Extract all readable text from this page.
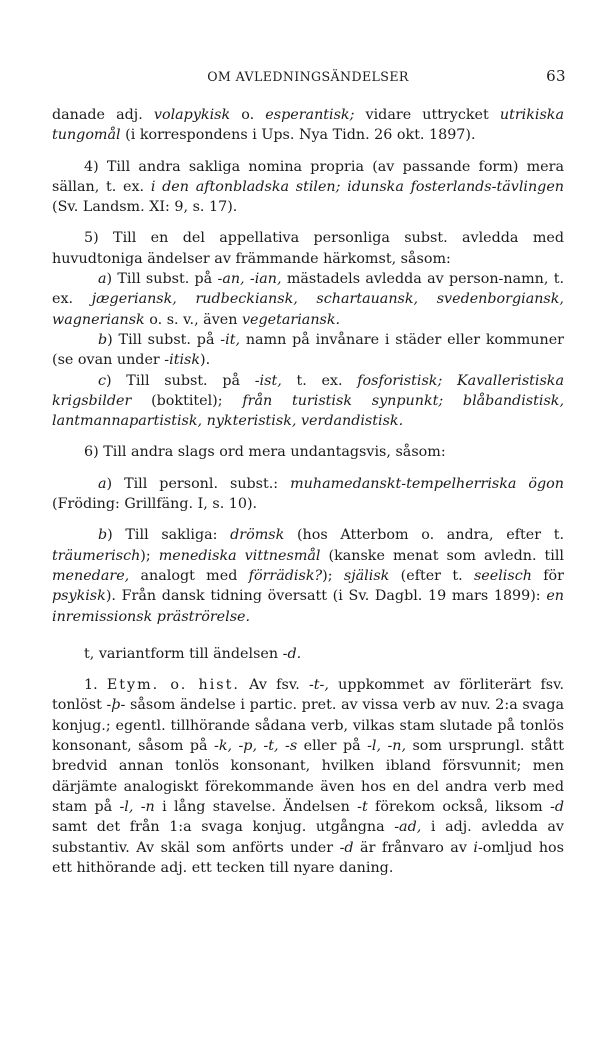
OM AVLEDNINGSÄNDELSER	63

danade adj. volapykisk o. esperantisk; vidare uttrycket utrikiska tungomål (i korrespondens i Ups. Nya Tidn. 26 okt. 1897).

4) Till andra sakliga nomina propria (av passande form) mera sällan, t. ex. i den aftonbladska stilen; idunska fosterlands-tävlingen (Sv. Landsm. XI: 9, s. 17).

5) Till en del appellativa personliga subst. avledda med huvudtoniga ändelser av främmande härkomst, såsom:

a) Till subst. på -an, -ian, mästadels avledda av person-namn, t. ex. jægeriansk, rudbeckiansk, schartauansk, svedenborgiansk, wagneriansk o. s. v., även vegetariansk.

b) Till subst. på -it, namn på invånare i städer eller kommuner (se ovan under -itisk).

c) Till subst. på -ist, t. ex. fosforistisk; Kavalleristiska krigsbilder (boktitel); från turistisk synpunkt; blåbandistisk, lantmannapartistisk, nykteristisk, verdandistisk.

6) Till andra slags ord mera undantagsvis, såsom:

a) Till personl. subst.: muhamedanskt-tempelherriska ögon (Fröding: Grillfäng. I, s. 10).

b) Till sakliga: drömsk (hos Atterbom o. andra, efter t. träumerisch); menediska vittnesmål (kanske menat som avledn. till menedare, analogt med förrädisk?); själisk (efter t. seelisch för psykisk). Från dansk tidning översatt (i Sv. Dagbl. 19 mars 1899): en inremissionsk präströrelse.

t, variantform till ändelsen -d.

1. Etym. o. hist. Av fsv. -t-, uppkommet av förliterärt fsv. tonlöst -þ- såsom ändelse i partic. pret. av vissa verb av nuv. 2:a svaga konjug.; egentl. tillhörande sådana verb, vilkas stam slutade på tonlös konsonant, såsom på -k, -p, -t, -s eller på -l, -n, som ursprungl. stått bredvid annan tonlös konsonant, hvilken ibland försvunnit; men därjämte analogiskt förekommande även hos en del andra verb med stam på -l, -n i lång stavelse. Ändelsen -t förekom också, liksom -d samt det från 1:a svaga konjug. utgångna -ad, i adj. avledda av substantiv. Av skäl som anförts under -d är frånvaro av i-omljud hos ett hithörande adj. ett tecken till nyare daning.
